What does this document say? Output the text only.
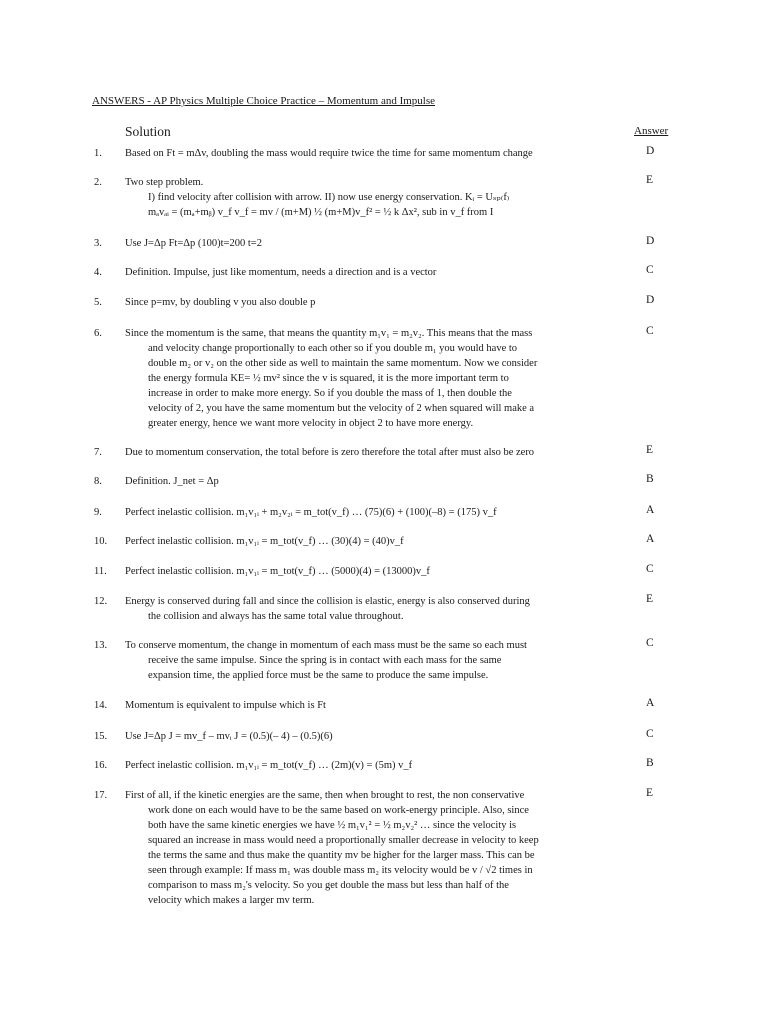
ANSWERS - AP Physics Multiple Choice Practice – Momentum and Impulse
Solution	Answer
1. Based on Ft = mΔv, doubling the mass would require twice the time for same momentum change	D
2. Two step problem.
I) find velocity after collision with arrow. II) now use energy conservation. Kᵢ = Uₛₚ₍f₎
mₐvₐᵢ = (mₐ+mᵦ) v_f v_f = mv / (m+M) ½ (m+M)v_f² = ½ k Δx², sub in v_f from I
E
3. Use J=Δp Ft=Δp (100)t=200 t=2	D
4. Definition. Impulse, just like momentum, needs a direction and is a vector	C
5. Since p=mv, by doubling v you also double p	D
6. Since the momentum is the same, that means the quantity m₁v₁ = m₂v₂. This means that the mass
and velocity change proportionally to each other so if you double m₁ you would have to
double m₂ or v₂ on the other side as well to maintain the same momentum. Now we consider
the energy formula KE= ½ mv² since the v is squared, it is the more important term to
increase in order to make more energy. So if you double the mass of 1, then double the
velocity of 2, you have the same momentum but the velocity of 2 when squared will make a
greater energy, hence we want more velocity in object 2 to have more energy.
C
7. Due to momentum conservation, the total before is zero therefore the total after must also be zero	E
8. Definition. J_net = Δp	B
9. Perfect inelastic collision. m₁v₁ᵢ + m₂v₂ᵢ = m_tot(v_f) … (75)(6) + (100)(–8) = (175) v_f	A
10. Perfect inelastic collision. m₁v₁ᵢ = m_tot(v_f) … (30)(4) = (40)v_f	A
11. Perfect inelastic collision. m₁v₁ᵢ = m_tot(v_f) … (5000)(4) = (13000)v_f	C
12. Energy is conserved during fall and since the collision is elastic, energy is also conserved during
the collision and always has the same total value throughout.
E
13. To conserve momentum, the change in momentum of each mass must be the same so each must
receive the same impulse. Since the spring is in contact with each mass for the same
expansion time, the applied force must be the same to produce the same impulse.
C
14. Momentum is equivalent to impulse which is Ft	A
15. Use J=Δp J = mv_f – mvᵢ J = (0.5)(– 4) – (0.5)(6)	C
16. Perfect inelastic collision. m₁v₁ᵢ = m_tot(v_f) … (2m)(v) = (5m) v_f	B
17. First of all, if the kinetic energies are the same, then when brought to rest, the non conservative
work done on each would have to be the same based on work-energy principle. Also, since
both have the same kinetic energies we have ½ m₁v₁² = ½ m₂v₂² … since the velocity is
squared an increase in mass would need a proportionally smaller decrease in velocity to keep
the terms the same and thus make the quantity mv be higher for the larger mass. This can be
seen through example: If mass m₁ was double mass m₂ its velocity would be v / √2 times in
comparison to mass m₂'s velocity. So you get double the mass but less than half of the
velocity which makes a larger mv term.
E
